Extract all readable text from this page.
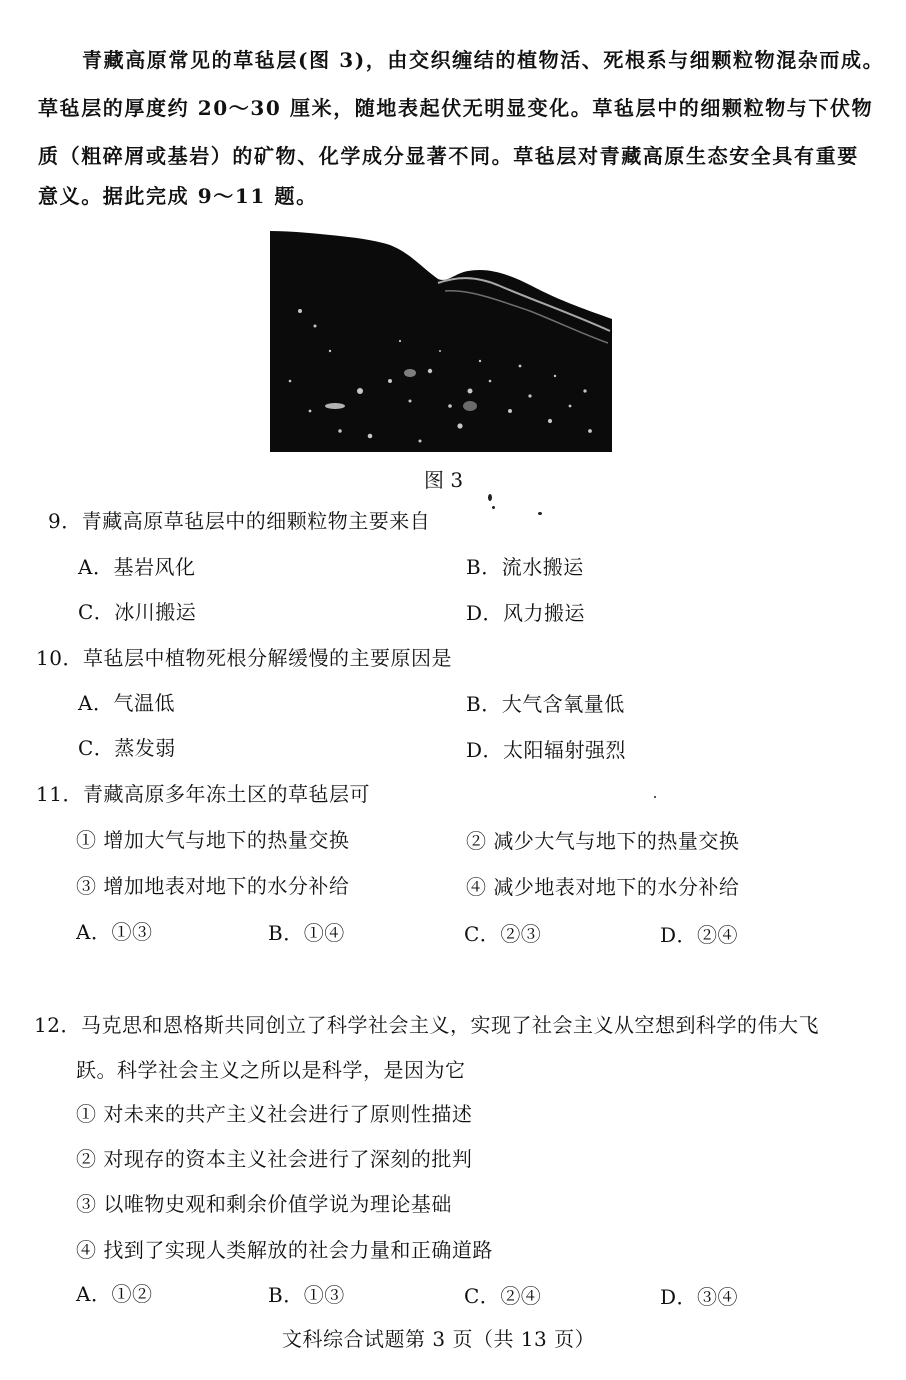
青藏高原常见的草毡层(图 3)，由交织缠结的植物活、死根系与细颗粒物混杂而成。
草毡层的厚度约 20～30 厘米，随地表起伏无明显变化。草毡层中的细颗粒物与下伏物
质（粗碎屑或基岩）的矿物、化学成分显著不同。草毡层对青藏高原生态安全具有重要
意义。据此完成 9～11 题。
图 3
9．青藏高原草毡层中的细颗粒物主要来自
A．基岩风化	B．流水搬运
C．冰川搬运	D．风力搬运
10．草毡层中植物死根分解缓慢的主要原因是
A．气温低	B．大气含氧量低
C．蒸发弱	D．太阳辐射强烈
11．青藏高原多年冻土区的草毡层可
① 增加大气与地下的热量交换	② 减少大气与地下的热量交换
③ 增加地表对地下的水分补给	④ 减少地表对地下的水分补给
A．①③	B．①④	C．②③	D．②④
12．马克思和恩格斯共同创立了科学社会主义，实现了社会主义从空想到科学的伟大飞
跃。科学社会主义之所以是科学，是因为它
① 对未来的共产主义社会进行了原则性描述
② 对现存的资本主义社会进行了深刻的批判
③ 以唯物史观和剩余价值学说为理论基础
④ 找到了实现人类解放的社会力量和正确道路
A．①②	B．①③	C．②④	D．③④
文科综合试题第 3 页（共 13 页）
